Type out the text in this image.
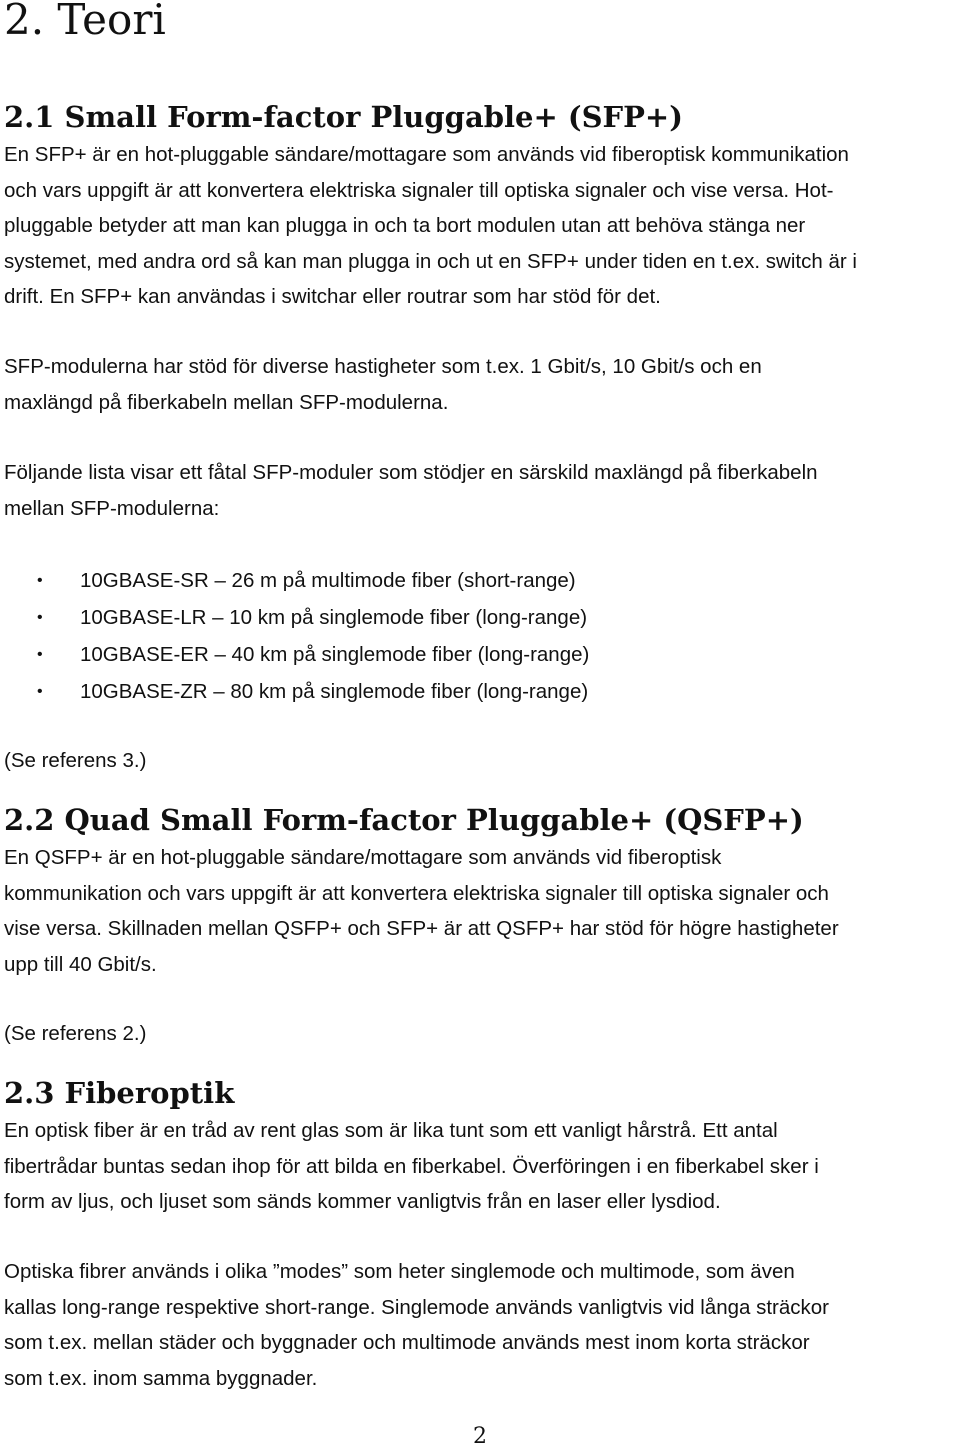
2. Teori
2.1 Small Form-factor Pluggable+ (SFP+)

En SFP+ är en hot-pluggable sändare/mottagare som används vid fiberoptisk kommunikation
och vars uppgift är att konvertera elektriska signaler till optiska signaler och vise versa. Hot-
pluggable betyder att man kan plugga in och ta bort modulen utan att behöva stänga ner
systemet, med andra ord så kan man plugga in och ut en SFP+ under tiden en t.ex. switch är i
drift. En SFP+ kan användas i switchar eller routrar som har stöd för det.

SFP-modulerna har stöd för diverse hastigheter som t.ex. 1 Gbit/s, 10 Gbit/s och en
maxlängd på fiberkabeln mellan SFP-modulerna.

Följande lista visar ett fåtal SFP-moduler som stödjer en särskild maxlängd på fiberkabeln
mellan SFP-modulerna:

• 10GBASE-SR – 26 m på multimode fiber (short-range)
• 10GBASE-LR – 10 km på singlemode fiber (long-range)
• 10GBASE-ER – 40 km på singlemode fiber (long-range)
• 10GBASE-ZR – 80 km på singlemode fiber (long-range)

(Se referens 3.)

2.2 Quad Small Form-factor Pluggable+ (QSFP+)

En QSFP+ är en hot-pluggable sändare/mottagare som används vid fiberoptisk
kommunikation och vars uppgift är att konvertera elektriska signaler till optiska signaler och
vise versa. Skillnaden mellan QSFP+ och SFP+ är att QSFP+ har stöd för högre hastigheter
upp till 40 Gbit/s.

(Se referens 2.)

2.3 Fiberoptik

En optisk fiber är en tråd av rent glas som är lika tunt som ett vanligt hårstrå. Ett antal
fibertrådar buntas sedan ihop för att bilda en fiberkabel. Överföringen i en fiberkabel sker i
form av ljus, och ljuset som sänds kommer vanligtvis från en laser eller lysdiod.

Optiska fibrer används i olika ”modes” som heter singlemode och multimode, som även
kallas long-range respektive short-range. Singlemode används vanligtvis vid långa sträckor
som t.ex. mellan städer och byggnader och multimode används mest inom korta sträckor
som t.ex. inom samma byggnader.

2
